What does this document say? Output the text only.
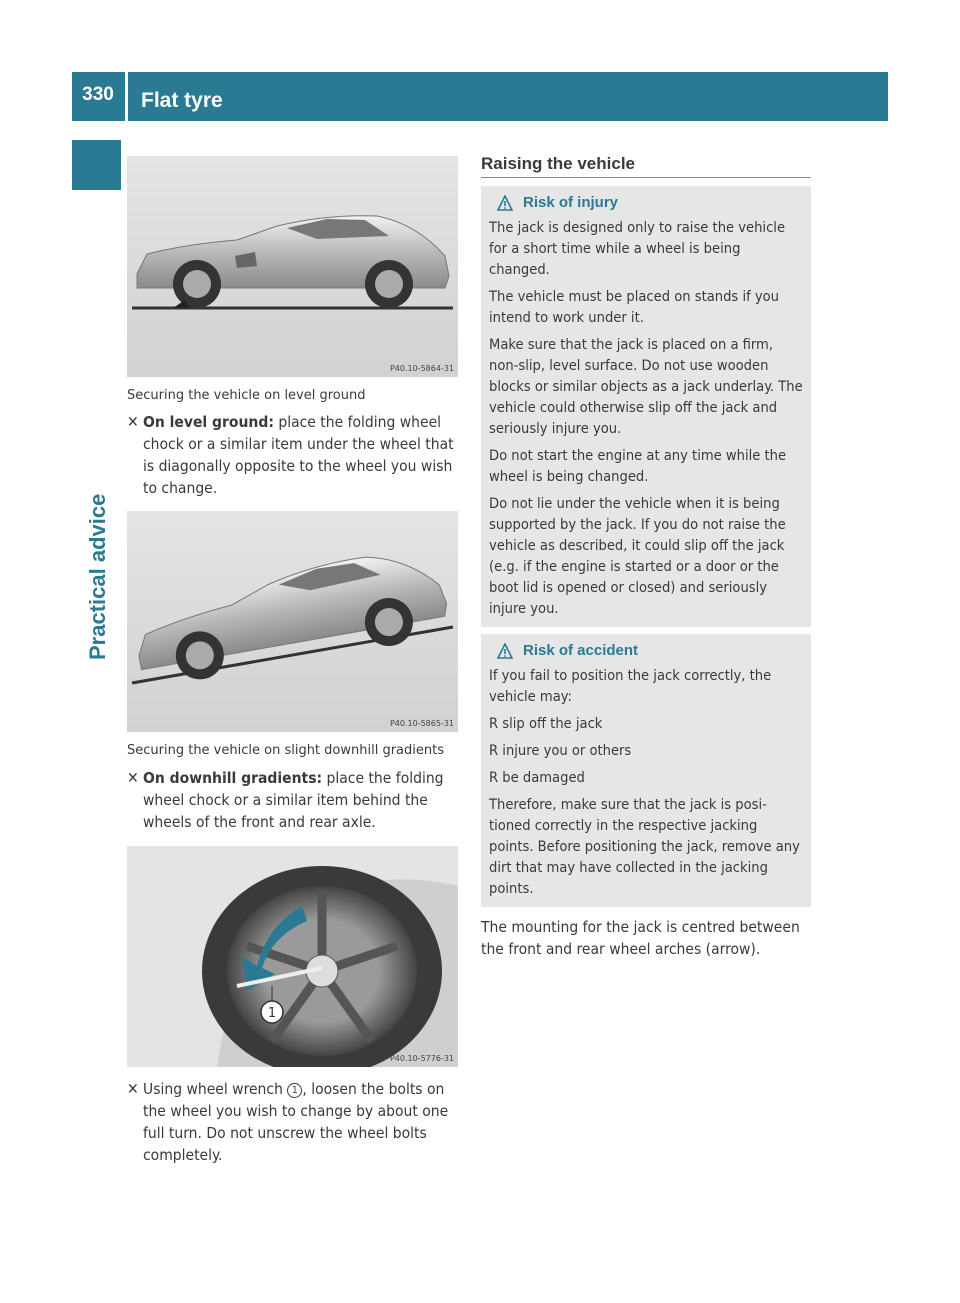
330	Flat tyre
Practical advice
P40.10-5864-31
Securing the vehicle on level ground
✕ On level ground: place the folding wheel chock or a similar item under the wheel that is diagonally opposite to the wheel you wish to change.
P40.10-5865-31
Securing the vehicle on slight downhill gradients
✕ On downhill gradients: place the folding wheel chock or a similar item behind the wheels of the front and rear axle.
1
P40.10-5776-31
✕ Using wheel wrench 1 , loosen the bolts on the wheel you wish to change by about one full turn. Do not unscrew the wheel bolts completely.
Raising the vehicle
Risk of injury

The jack is designed only to raise the vehicle for a short time while a wheel is being changed.

The vehicle must be placed on stands if you intend to work under it.

Make sure that the jack is placed on a firm, non-slip, level surface. Do not use wooden blocks or similar objects as a jack underlay. The vehicle could otherwise slip off the jack and seriously injure you.

Do not start the engine at any time while the wheel is being changed.

Do not lie under the vehicle when it is being supported by the jack. If you do not raise the vehicle as described, it could slip off the jack (e.g. if the engine is started or a door or the boot lid is opened or closed) and seriously injure you.

Risk of accident

If you fail to position the jack correctly, the vehicle may:

R slip off the jack

R injure you or others

R be damaged

Therefore, make sure that the jack is positioned correctly in the respective jacking points. Before positioning the jack, remove any dirt that may have collected in the jacking points.

The mounting for the jack is centred between the front and rear wheel arches (arrow).
